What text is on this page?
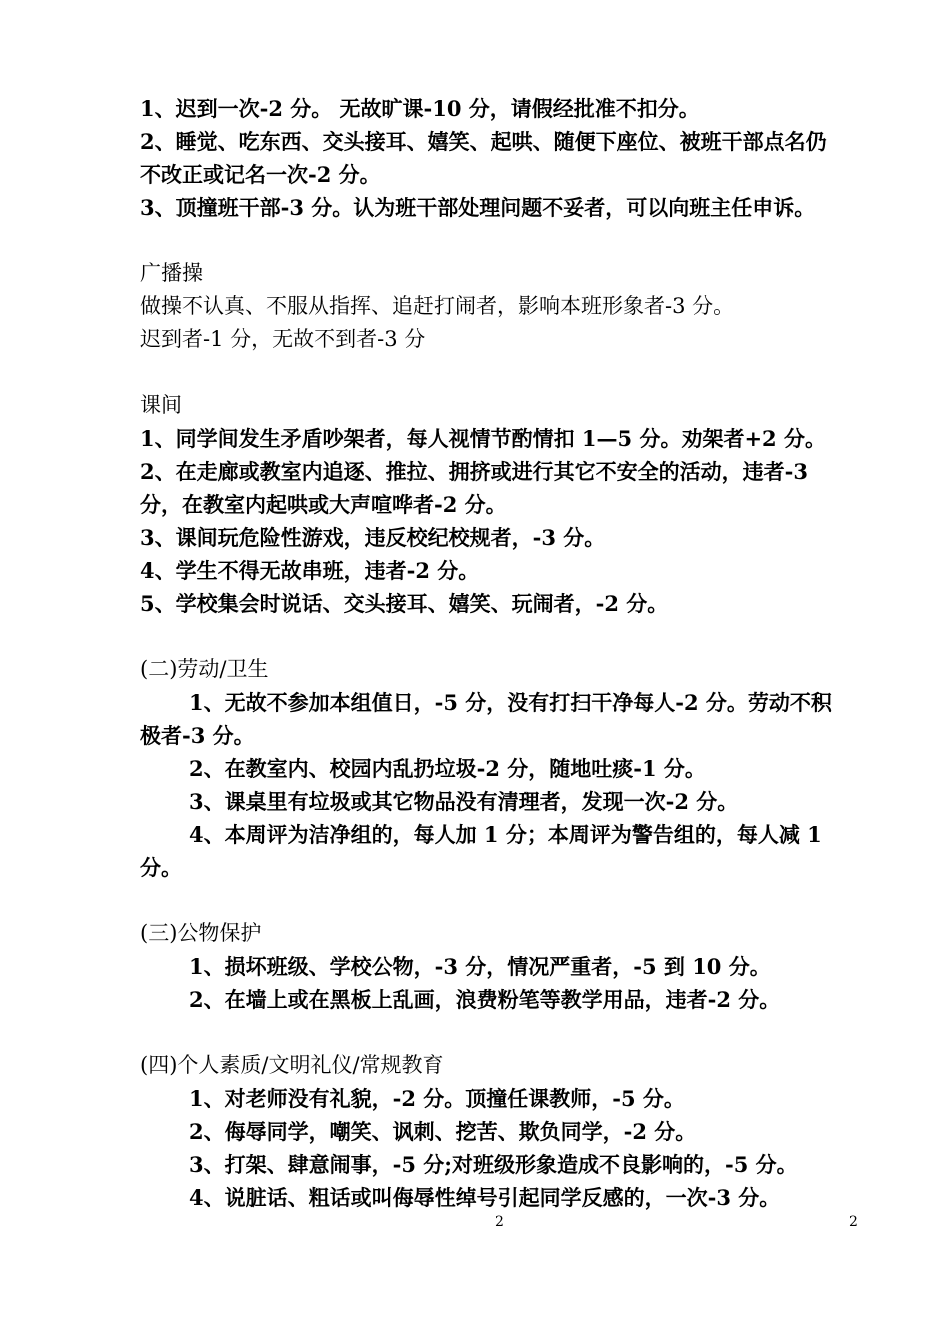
1、迟到一次-2 分。 无故旷课-10 分，请假经批准不扣分。
2、睡觉、吃东西、交头接耳、嬉笑、起哄、随便下座位、被班干部点名仍
不改正或记名一次-2 分。
3、顶撞班干部-3 分。认为班干部处理问题不妥者，可以向班主任申诉。
广播操
做操不认真、不服从指挥、追赶打闹者，影响本班形象者-3 分。
迟到者-1 分，无故不到者-3 分
课间
1、同学间发生矛盾吵架者，每人视情节酌情扣 1—5 分。劝架者+2 分。
2、在走廊或教室内追逐、推拉、拥挤或进行其它不安全的活动，违者-3
分，在教室内起哄或大声喧哗者-2 分。
3、课间玩危险性游戏，违反校纪校规者，-3 分。
4、学生不得无故串班，违者-2 分。
5、学校集会时说话、交头接耳、嬉笑、玩闹者，-2 分。
(二)劳动/卫生
1、无故不参加本组值日，-5 分，没有打扫干净每人-2 分。劳动不积
极者-3 分。
2、在教室内、校园内乱扔垃圾-2 分，随地吐痰-1 分。
3、课桌里有垃圾或其它物品没有清理者，发现一次-2 分。
4、本周评为洁净组的，每人加 1 分；本周评为警告组的，每人减 1
分。
(三)公物保护
1、损坏班级、学校公物，-3 分，情况严重者，-5 到 10 分。
2、在墙上或在黑板上乱画，浪费粉笔等教学用品，违者-2 分。
(四)个人素质/文明礼仪/常规教育
1、对老师没有礼貌，-2 分。顶撞任课教师，-5 分。
2、侮辱同学，嘲笑、讽刺、挖苦、欺负同学，-2 分。
3、打架、肆意闹事，-5 分;对班级形象造成不良影响的，-5 分。
4、说脏话、粗话或叫侮辱性绰号引起同学反感的，一次-3 分。
2	2
